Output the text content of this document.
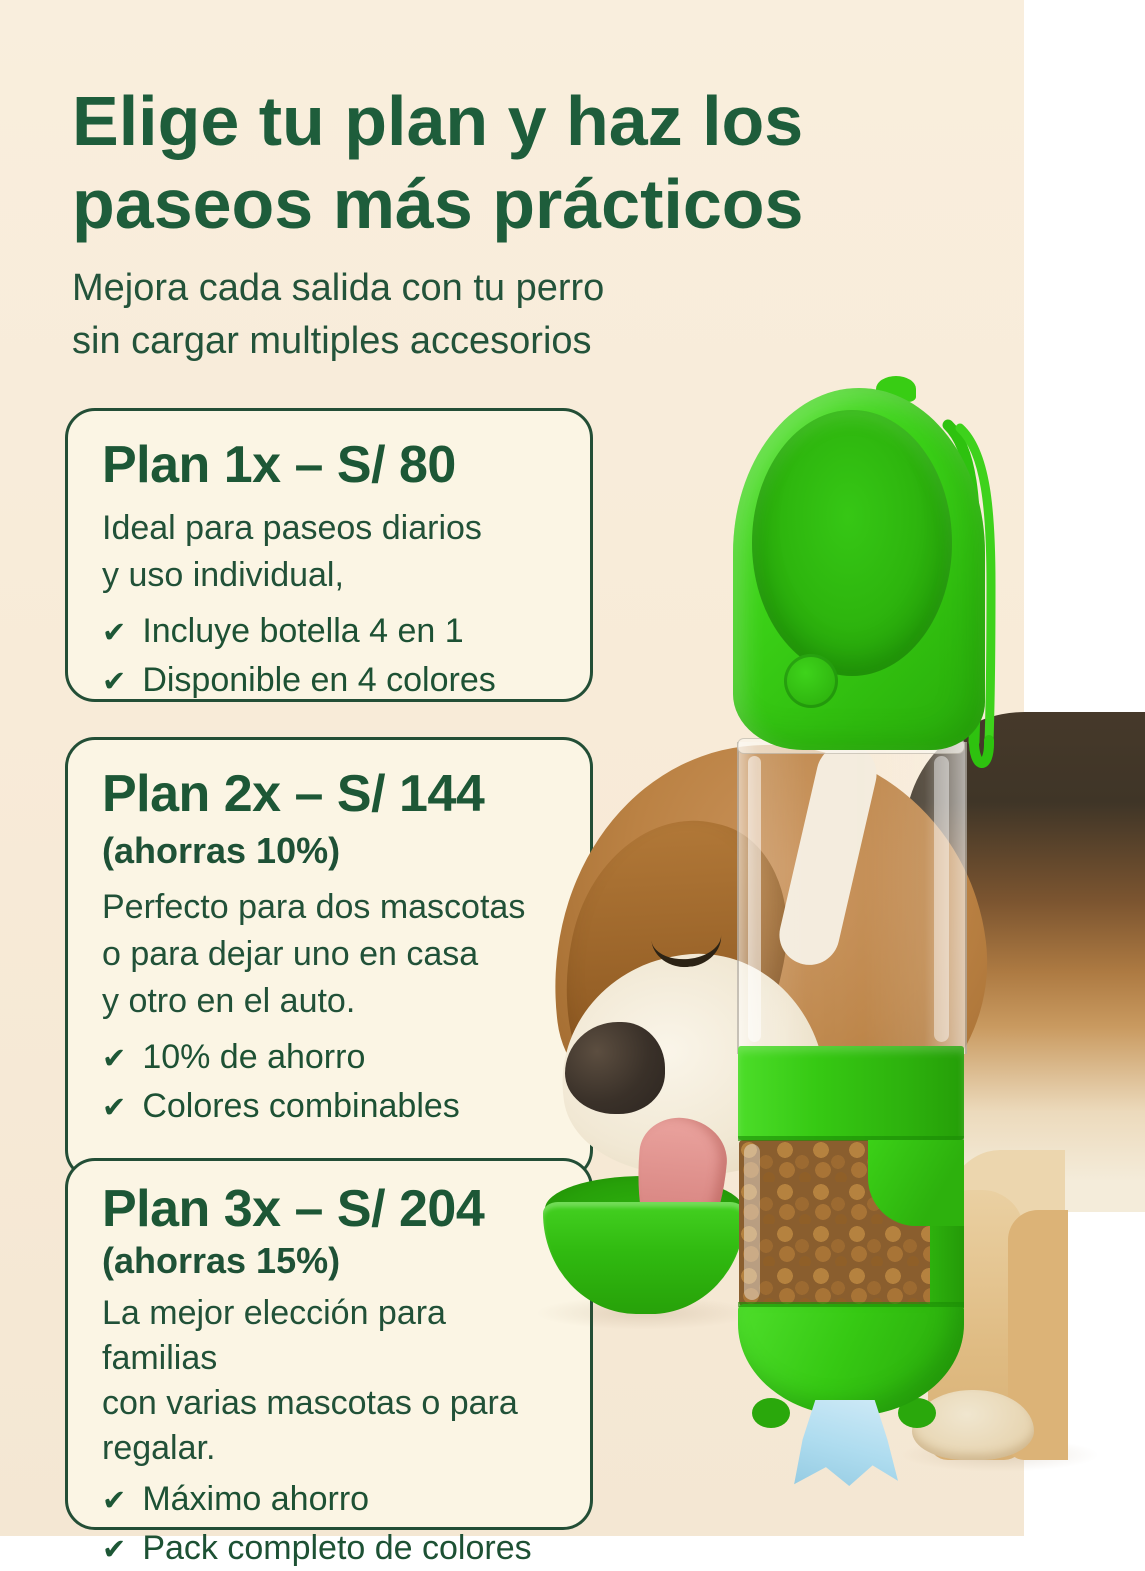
Elige tu plan y haz los
paseos más prácticos
Mejora cada salida con tu perro
sin cargar multiples accesorios
Plan 1x – S/ 80
Ideal para paseos diarios
y uso individual,
✔ Incluye botella 4 en 1
✔ Disponible en 4 colores
Plan 2x – S/ 144
(ahorras 10%)
Perfecto para dos mascotas
o para dejar uno en casa
y otro en el auto.
✔ 10% de ahorro
✔ Colores combinables
Plan 3x – S/ 204
(ahorras 15%)
La mejor elección para familias
con varias mascotas o para
regalar.
✔ Máximo ahorro
✔ Pack completo de colores
